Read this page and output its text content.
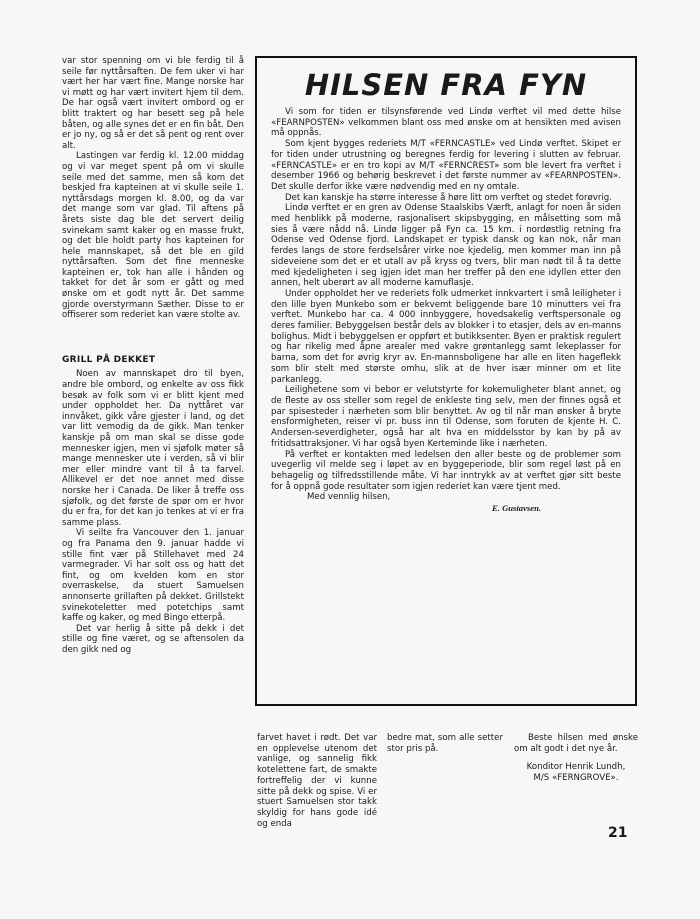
var stor spenning om vi ble ferdig til å seile før nyttårsaften. De fem uker vi har vært her har vært fine. Mange norske har vi møtt og har vært invitert hjem til dem. De har også vært invitert ombord og er blitt traktert og har besett seg på hele båten, og alle synes det er en fin båt. Den er jo ny, og så er det så pent og rent over alt.

Lastingen var ferdig kl. 12.00 middag og vi var meget spent på om vi skulle seile med det samme, men så kom det beskjed fra kapteinen at vi skulle seile 1. nyttårsdags morgen kl. 8.00, og da var det mange som var glad. Til aftens på årets siste dag ble det servert deilig svinekam samt kaker og en masse frukt, og det ble holdt party hos kapteinen for hele mannskapet, så det ble en gild nyttårsaften. Som det fine menneske kapteinen er, tok han alle i hånden og takket for det år som er gått og med ønske om et godt nytt år. Det samme gjorde overstyrmann Sæther. Disse to er offiserer som rederiet kan være stolte av.

GRILL PÅ DEKKET

Noen av mannskapet dro til byen, andre ble ombord, og enkelte av oss fikk besøk av folk som vi er blitt kjent med under oppholdet her. Da nyttåret var innvåket, gikk våre gjester i land, og det var litt vemodig da de gikk. Man tenker kanskje på om man skal se disse gode mennesker igjen, men vi sjøfolk møter så mange mennesker ute i verden, så vi blir mer eller mindre vant til å ta farvel. Allikevel er det noe annet med disse norske her i Canada. De liker å treffe oss sjøfolk, og det første de spør om er hvor du er fra, for det kan jo tenkes at vi er fra samme plass.

Vi seilte fra Vancouver den 1. januar og fra Panama den 9. januar hadde vi stille fint vær på Stillehavet med 24 varmegrader. Vi har solt oss og hatt det fint, og om kvelden kom en stor overraskelse, da stuert Samuelsen annonserte grillaften på dekket. Grillstekt svinekoteletter med potetchips samt kaffe og kaker, og med Bingo etterpå.

Det var herlig å sitte på dekk i det stille og fine været, og se aftensolen da den gikk ned og

HILSEN FRA FYN

Vi som for tiden er tilsynsførende ved Lindø verftet vil med dette hilse «FEARNPOSTEN» velkommen blant oss med ønske om at hensikten med avisen må oppnås.

Som kjent bygges rederiets M/T «FERNCASTLE» ved Lindø verftet. Skipet er for tiden under utrustning og beregnes ferdig for levering i slutten av februar. «FERNCASTLE» er en tro kopi av M/T «FERNCREST» som ble levert fra verftet i desember 1966 og behørig beskrevet i det første nummer av «FEARNPOSTEN». Det skulle derfor ikke være nødvendig med en ny omtale.

Det kan kanskje ha større interesse å høre litt om verftet og stedet forøvrig.

Lindø verftet er en gren av Odense Staalskibs Værft, anlagt for noen år siden med henblikk på moderne, rasjonalisert skipsbygging, en målsetting som må sies å være nådd nå. Lindø ligger på Fyn ca. 15 km. i nordøstlig retning fra Odense ved Odense fjord. Landskapet er typisk dansk og kan nok, når man ferdes langs de store ferdselsårer virke noe kjedelig, men kommer man inn på sideveiene som det er et utall av på kryss og tvers, blir man nødt til å ta dette med kjedeligheten i seg igjen idet man her treffer på den ene idyllen etter den annen, helt uberørt av all moderne kamuflasje.

Under oppholdet her ve rederiets folk udmerket innkvartert i små leiligheter i den lille byen Munkebo som er bekvemt beliggende bare 10 minutters vei fra verftet. Munkebo har ca. 4 000 innbyggere, hovedsakelig verftspersonale og deres familier. Bebyggelsen består dels av blokker i to etasjer, dels av en-manns bolighus. Midt i bebyggelsen er oppført et butikksenter. Byen er praktisk regulert og har rikelig med åpne arealer med vakre grøntanlegg samt lekeplasser for barna, som det for øvrig kryr av. En-mannsboligene har alle en liten hageflekk som blir stelt med største omhu, slik at de hver især minner om et lite parkanlegg.

Leilighetene som vi bebor er velutstyrte for kokemuligheter blant annet, og de fleste av oss steller som regel de enkleste ting selv, men der finnes også et par spisesteder i nærheten som blir benyttet. Av og til når man ønsker å bryte ensformigheten, reiser vi pr. buss inn til Odense, som foruten de kjente H. C. Andersen-severdigheter, også har alt hva en middelsstor by kan by på av fritidsattraksjoner. Vi har også byen Kerteminde like i nærheten.

På verftet er kontakten med ledelsen den aller beste og de problemer som uvegerlig vil melde seg i løpet av en byggeperiode, blir som regel løst på en behagelig og tilfredsstillende måte. Vi har inntrykk av at verftet gjør sitt beste for å oppnå gode resultater som igjen rederiet kan være tjent med.

Med vennlig hilsen,

E. Gustavsen.

farvet havet i rødt. Det var en opplevelse utenom det vanlige, og sannelig fikk kotelettene fart, de smakte fortreffelig der vi kunne sitte på dekk og spise. Vi er stuert Samuelsen stor takk skyldig for hans gode idé og enda

bedre mat, som alle setter stor pris på.

Beste hilsen med ønske om alt godt i det nye år.

Konditor Henrik Lundh,
M/S «FERNGROVE».

21
